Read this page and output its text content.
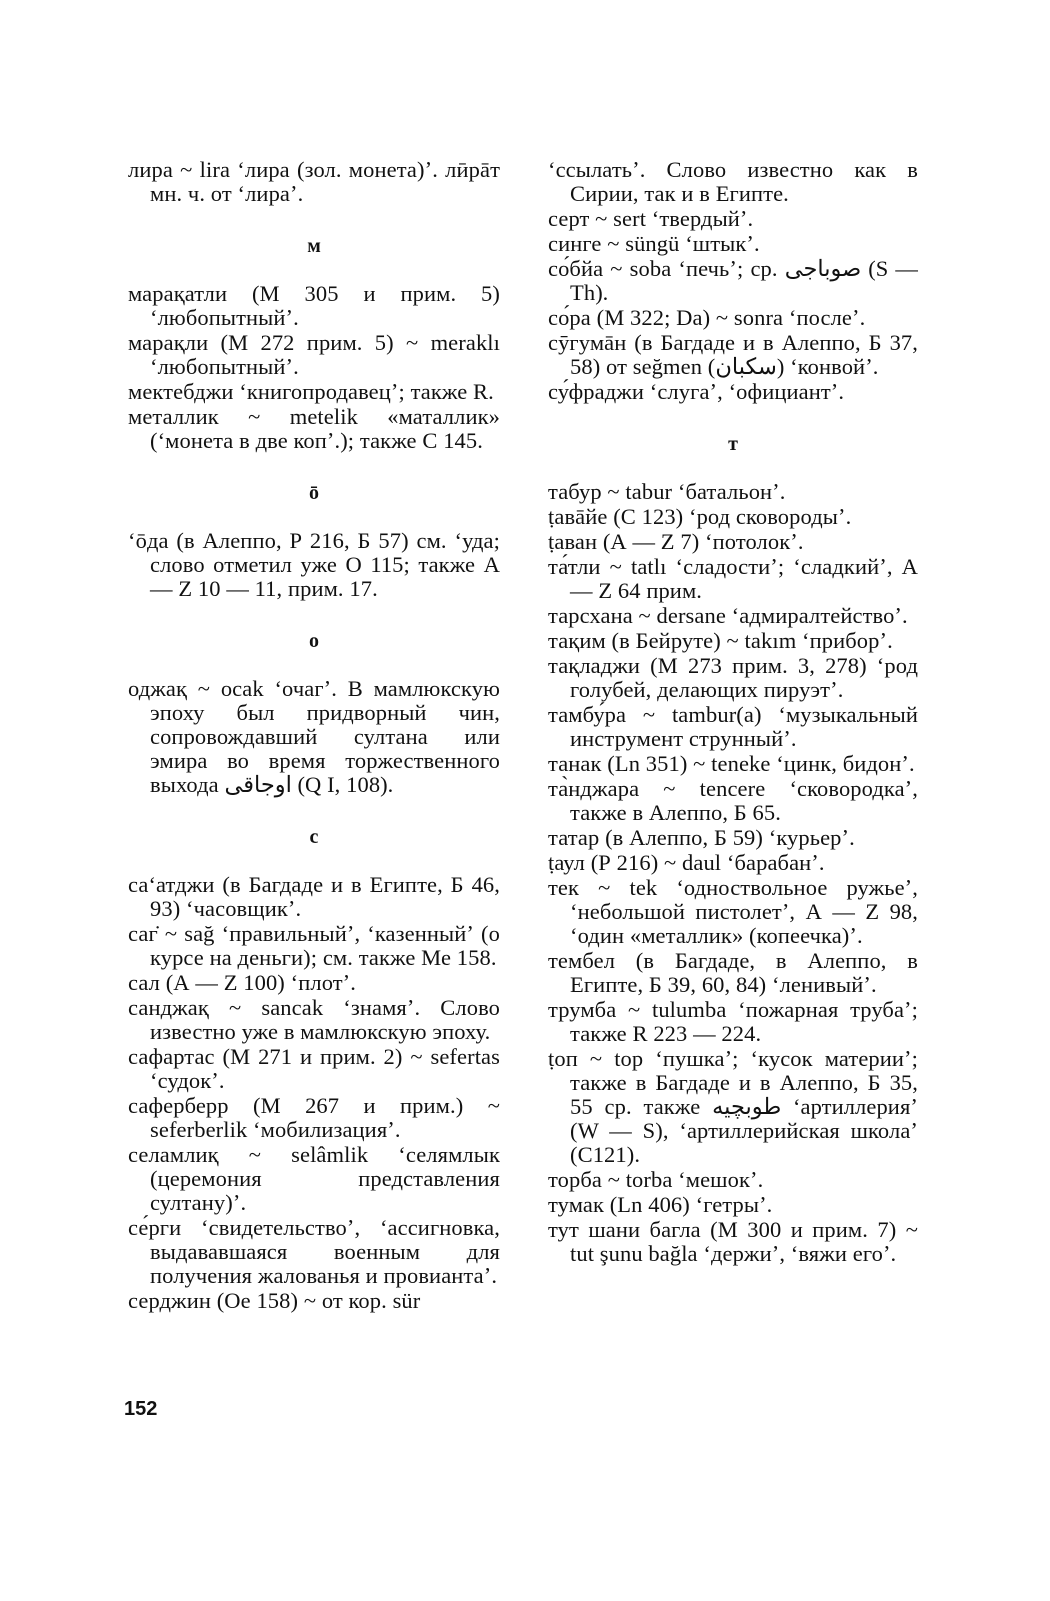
лира ~ lira ʻлира (зол. монета)ʼ. лӣрāт мн. ч. от ʻлираʼ.

м

марақатли (М 305 и прим. 5) ʻлюбопытныйʼ.

марақли (М 272 прим. 5) ~ meraklı ʻлюбопытныйʼ.

мектебджи ʻкнигопродавецʼ; также R.

металлик ~ metelik «маталлик» (ʻмонета в две копʼ.); также С 145.

ō

ʻōда (в Алеппо, Р 216, Б 57) см. ʻуда; слово отметил уже О 115; также А — Z 10 — 11, прим. 17.

о

оджақ ~ ocak ʻочагʼ. В мамлюкскую эпоху был придворный чин, сопровождавший султана или эмира во время торжественного выхода اوجاقى (Q I, 108).

с

саʻатджи (в Багдаде и в Египте, Б 46, 93) ʻчасовщикʼ.

саг̇ ~ sağ ʻправильныйʼ, ʻказенныйʼ (о курсе на деньги); см. также Ме 158.

сал (А — Z 100) ʻплотʼ.

санджақ ~ sancak ʻзнамяʼ. Слово известно уже в мамлюкскую эпоху.

сафартас (М 271 и прим. 2) ~ sefertas ʻсудокʼ.

саферберр (М 267 и прим.) ~ seferberlik ʻмобилизацияʼ.

селамлиқ ~ selâmlik ʻселямлык (церемония представления султану)ʼ.

се́рги ʻсвидетельствоʼ, ʻассигновка, выдававшаяся военным для получения жалованья и провиантаʼ.

серджин (Ое 158) ~ от кор. sür

ʻссылатьʼ. Слово известно как в Сирии, так и в Египте.

серт ~ sert ʻтвердыйʼ.

синге ~ süngü ʻштыкʼ.

со́бйа ~ soba ʻпечьʼ; ср. صوباجى (S — Th).

со́ра (М 322; Da) ~ sonra ʻпослеʼ.

сӯгумāн (в Багдаде и в Алеппо, Б 37, 58) от seğmen (سكبان) ʻконвойʼ.

су́фраджи ʻслугаʼ, ʻофициантʼ.

т

табур ~ tabur ʻбатальонʼ.

ṭавāйе (С 123) ʻрод сковородыʼ.

ṭаван (А — Z 7) ʻпотолокʼ.

та́тли ~ tatlı ʻсладостиʼ; ʻсладкийʼ, А — Z 64 прим.

тарсхана ~ dersane ʻадмиралтействоʼ.

тақим (в Бейруте) ~ takım ʻприборʼ.

тақладжи (М 273 прим. 3, 278) ʻрод голубей, делающих пируэтʼ.

тамбу́ра ~ tambur(a) ʻмузыкальный инструмент струнныйʼ.

танак (Ln 351) ~ teneke ʻцинк, бидонʼ.

та̀нджара ~ tencere ʻсковородкаʼ, также в Алеппо, Б 65.

татар (в Алеппо, Б 59) ʻкурьерʼ.

ṭаул (Р 216) ~ daul ʻбарабанʼ.

тек ~ tek ʻодноствольное ружьеʼ, ʻнебольшой пистолетʼ, А — Z 98, ʻодин «металлик» (копеечка)ʼ.

тембел (в Багдаде, в Алеппо, в Египте, Б 39, 60, 84) ʻленивыйʼ.

трумба ~ tulumba ʻпожарная трубаʼ; также R 223 — 224.

ṭоп ~ top ʻпушкаʼ; ʻкусок материиʼ; также в Багдаде и в Алеппо, Б 35, 55 ср. также طوبچيه ʻартиллерияʼ (W — S), ʻартиллерийская школаʼ (С121).

торба ~ torba ʻмешокʼ.

тумак (Ln 406) ʻгетрыʼ.

тут шани багла (М 300 и прим. 7) ~ tut şunu bağla ʻдержиʼ, ʻвяжи егоʼ.

152
